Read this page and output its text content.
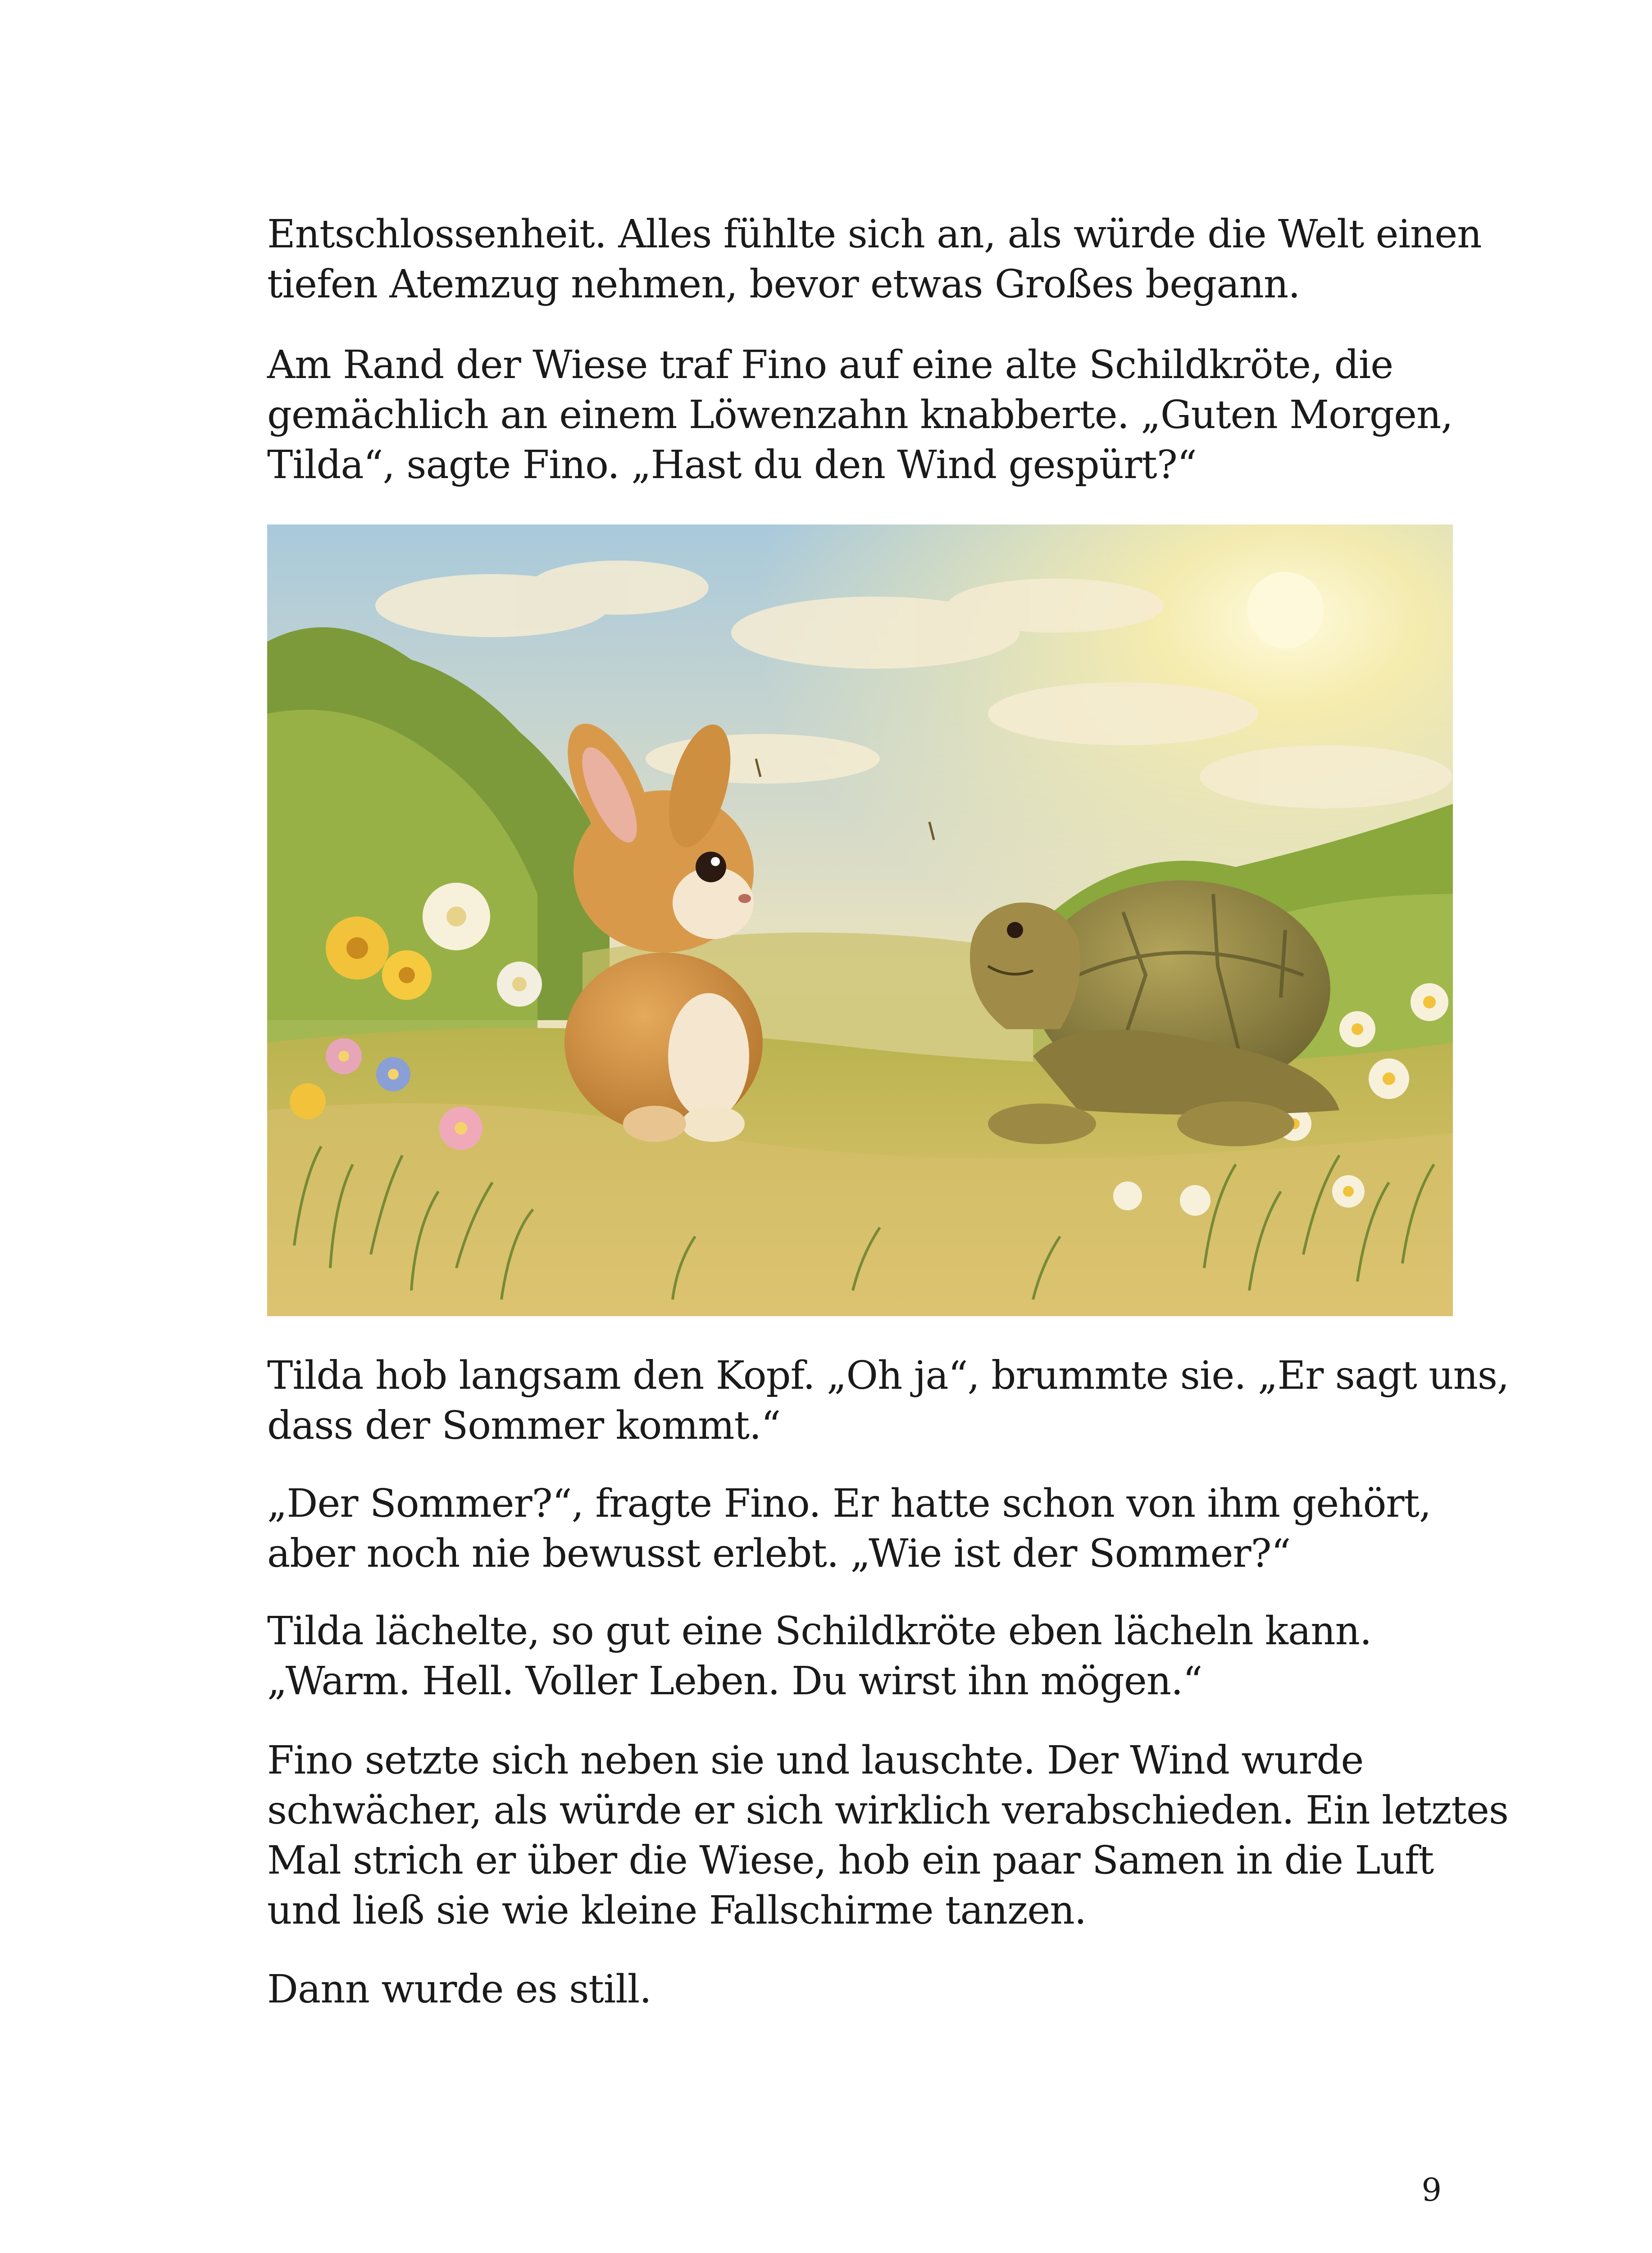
Entschlossenheit. Alles fühlte sich an, als würde die Welt einen
tiefen Atemzug nehmen, bevor etwas Großes begann.

Am Rand der Wiese traf Fino auf eine alte Schildkröte, die
gemächlich an einem Löwenzahn knabberte. „Guten Morgen,
Tilda“, sagte Fino. „Hast du den Wind gespürt?“

Tilda hob langsam den Kopf. „Oh ja“, brummte sie. „Er sagt uns,
dass der Sommer kommt.“

„Der Sommer?“, fragte Fino. Er hatte schon von ihm gehört,
aber noch nie bewusst erlebt. „Wie ist der Sommer?“

Tilda lächelte, so gut eine Schildkröte eben lächeln kann.
„Warm. Hell. Voller Leben. Du wirst ihn mögen.“

Fino setzte sich neben sie und lauschte. Der Wind wurde
schwächer, als würde er sich wirklich verabschieden. Ein letztes
Mal strich er über die Wiese, hob ein paar Samen in die Luft
und ließ sie wie kleine Fallschirme tanzen.

Dann wurde es still.

9
